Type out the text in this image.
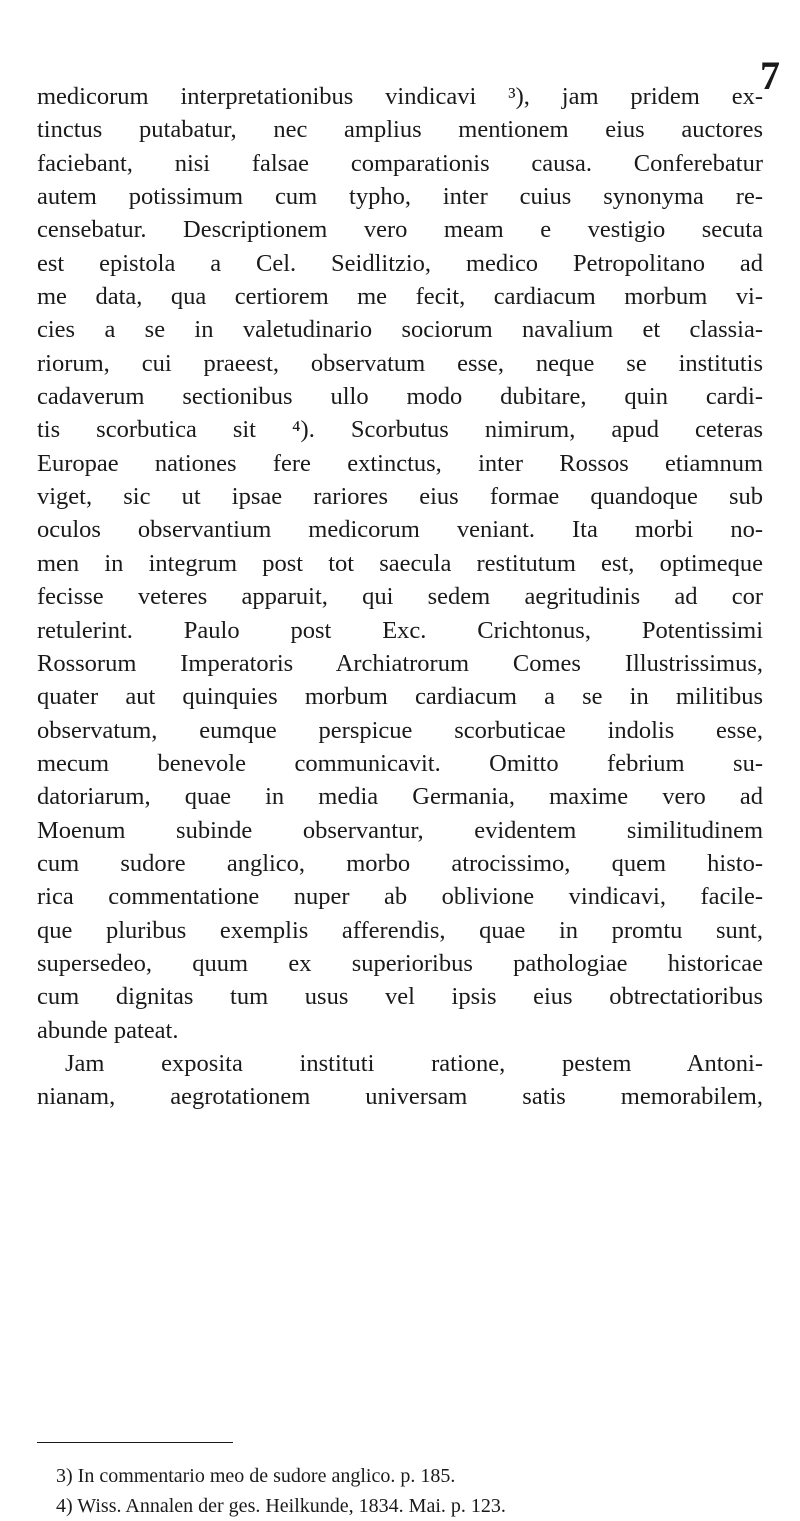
7
medicorum interpretationibus vindicavi ³), jam pridem ex-
tinctus putabatur, nec amplius mentionem eius auctores
faciebant, nisi falsae comparationis causa. Conferebatur
autem potissimum cum typho, inter cuius synonyma re-
censebatur. Descriptionem vero meam e vestigio secuta
est epistola a Cel. Seidlitzio, medico Petropolitano ad
me data, qua certiorem me fecit, cardiacum morbum vi-
cies a se in valetudinario sociorum navalium et classia-
riorum, cui praeest, observatum esse, neque se institutis
cadaverum sectionibus ullo modo dubitare, quin cardi-
tis scorbutica sit ⁴). Scorbutus nimirum, apud ceteras
Europae nationes fere extinctus, inter Rossos etiamnum
viget, sic ut ipsae rariores eius formae quandoque sub
oculos observantium medicorum veniant. Ita morbi no-
men in integrum post tot saecula restitutum est, optimeque
fecisse veteres apparuit, qui sedem aegritudinis ad cor
retulerint. Paulo post Exc. Crichtonus, Potentissimi
Rossorum Imperatoris Archiatrorum Comes Illustrissimus,
quater aut quinquies morbum cardiacum a se in militibus
observatum, eumque perspicue scorbuticae indolis esse,
mecum benevole communicavit. Omitto febrium su-
datoriarum, quae in media Germania, maxime vero ad
Moenum subinde observantur, evidentem similitudinem
cum sudore anglico, morbo atrocissimo, quem histo-
rica commentatione nuper ab oblivione vindicavi, facile-
que pluribus exemplis afferendis, quae in promtu sunt,
supersedeo, quum ex superioribus pathologiae historicae
cum dignitas tum usus vel ipsis eius obtrectatioribus
abunde pateat.
Jam exposita instituti ratione, pestem Antoni-
nianam, aegrotationem universam satis memorabilem,
3) In commentario meo de sudore anglico. p. 185.
4) Wiss. Annalen der ges. Heilkunde, 1834. Mai. p. 123.
